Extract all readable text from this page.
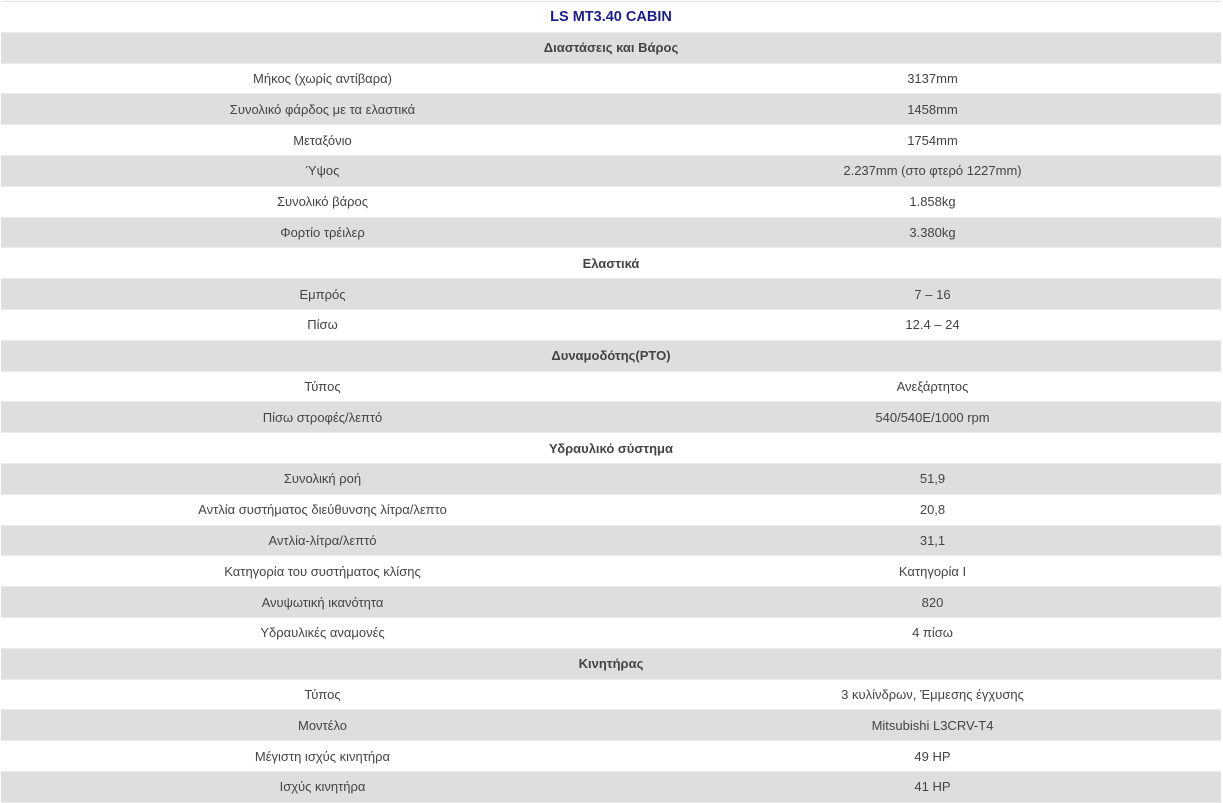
LS MT3.40 CABIN
Διαστάσεις και Βάρος
Μήκος (χωρίς αντίβαρα)	3137mm
Συνολικό φάρδος με τα ελαστικά	1458mm
Μεταξόνιο	1754mm
Ύψος	2.237mm (στο φτερό 1227mm)
Συνολικό βάρος	1.858kg
Φορτίο τρέιλερ	3.380kg
Ελαστικά
Εμπρός	7 – 16
Πίσω	12.4 – 24
Δυναμοδότης(PTO)
Τύπος	Ανεξάρτητος
Πίσω στροφές/λεπτό	540/540E/1000 rpm
Υδραυλικό σύστημα
Συνολική ροή	51,9
Αντλία συστήματος διεύθυνσης λίτρα/λεπτο	20,8
Αντλία-λίτρα/λεπτό	31,1
Κατηγορία του συστήματος κλίσης	Κατηγορία I
Ανυψωτική ικανότητα	820
Υδραυλικές αναμονές	4 πίσω
Κινητήρας
Τύπος	3 κυλίνδρων, Έμμεσης έγχυσης
Μοντέλο	Mitsubishi L3CRV-T4
Μέγιστη ισχύς κινητήρα	49 HP
Ισχύς κινητήρα	41 HP
